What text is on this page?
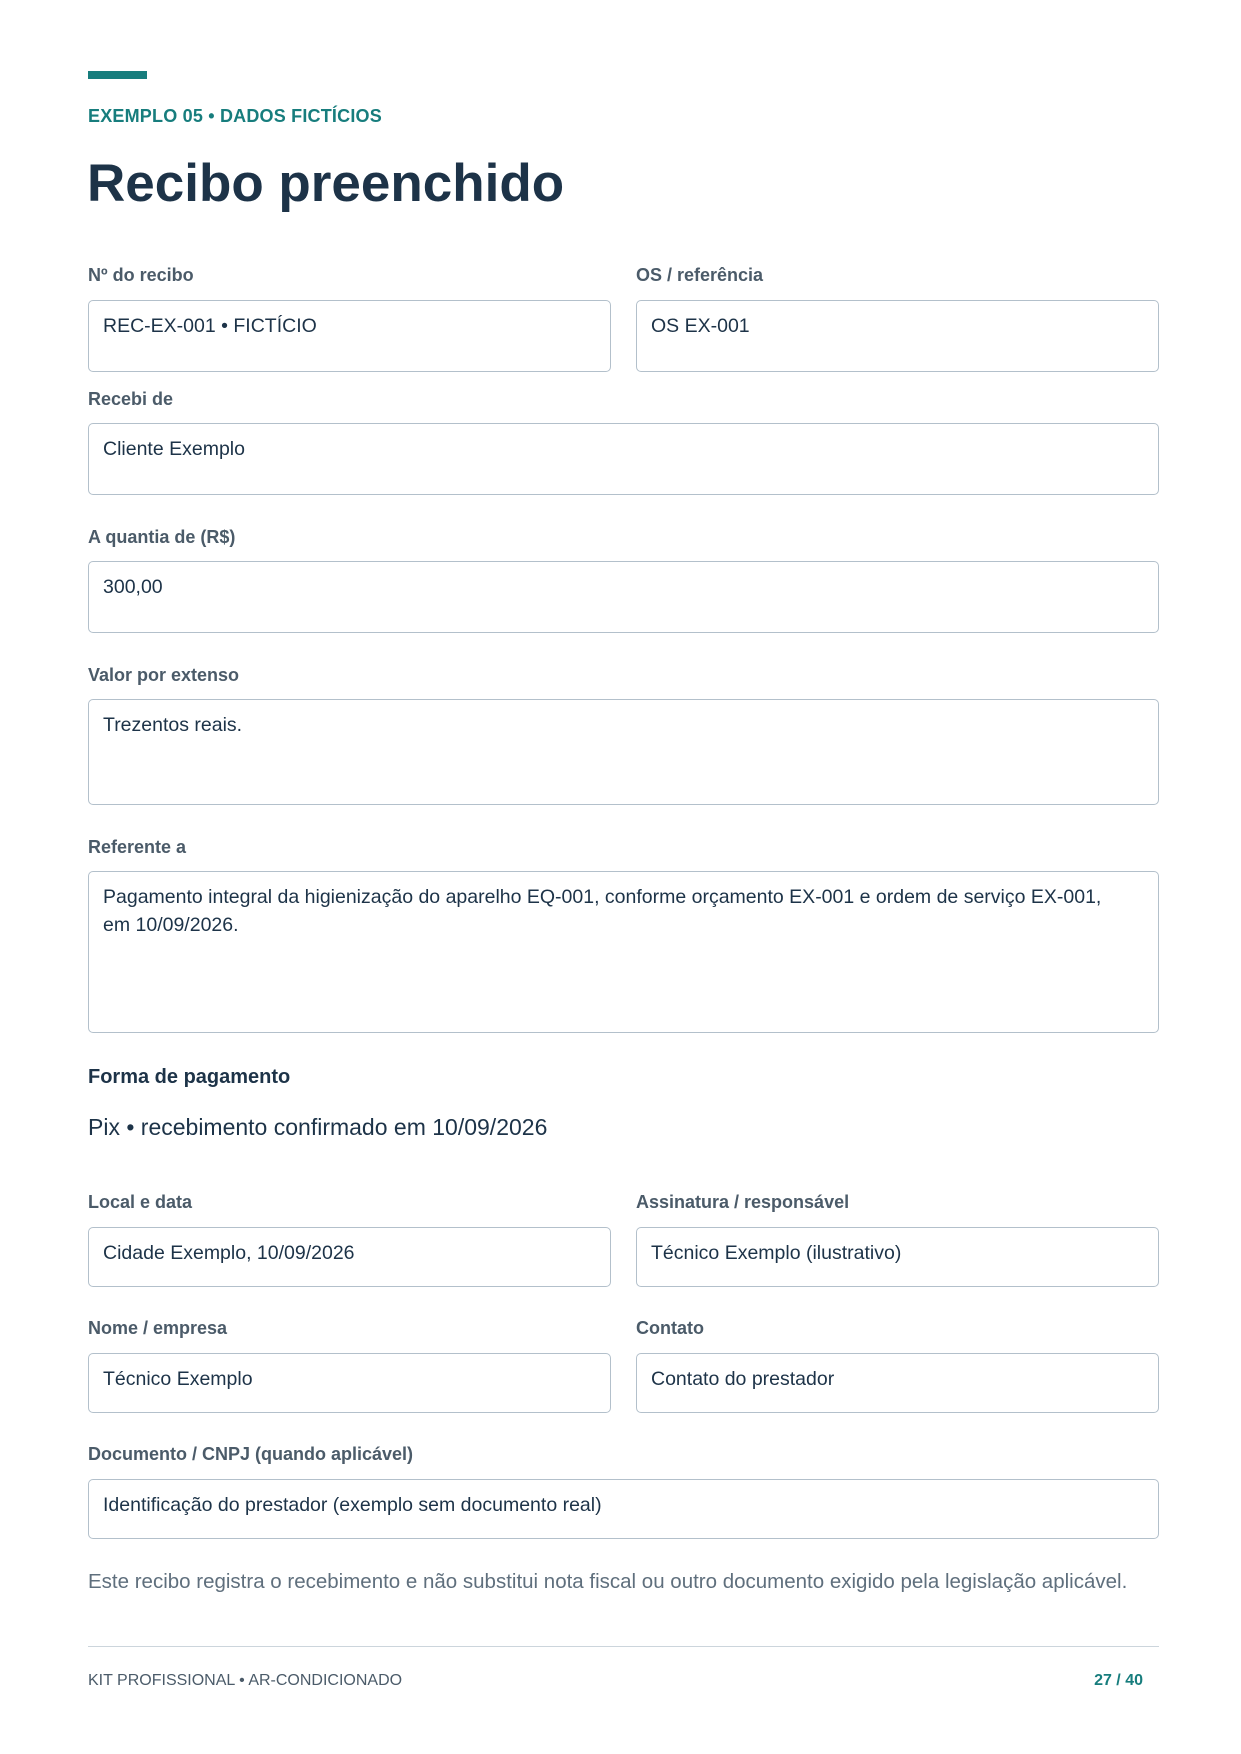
EXEMPLO 05 • DADOS FICTÍCIOS
Recibo preenchido
Nº do recibo
REC-EX-001 • FICTÍCIO
OS / referência
OS EX-001
Recebi de
Cliente Exemplo
A quantia de (R$)
300,00
Valor por extenso
Trezentos reais.
Referente a
Pagamento integral da higienização do aparelho EQ-001, conforme orçamento EX-001 e ordem de serviço EX-001, em 10/09/2026.
Forma de pagamento
Pix • recebimento confirmado em 10/09/2026
Local e data
Cidade Exemplo, 10/09/2026
Assinatura / responsável
Técnico Exemplo (ilustrativo)
Nome / empresa
Técnico Exemplo
Contato
Contato do prestador
Documento / CNPJ (quando aplicável)
Identificação do prestador (exemplo sem documento real)
Este recibo registra o recebimento e não substitui nota fiscal ou outro documento exigido pela legislação aplicável.
KIT PROFISSIONAL • AR-CONDICIONADO	27 / 40
